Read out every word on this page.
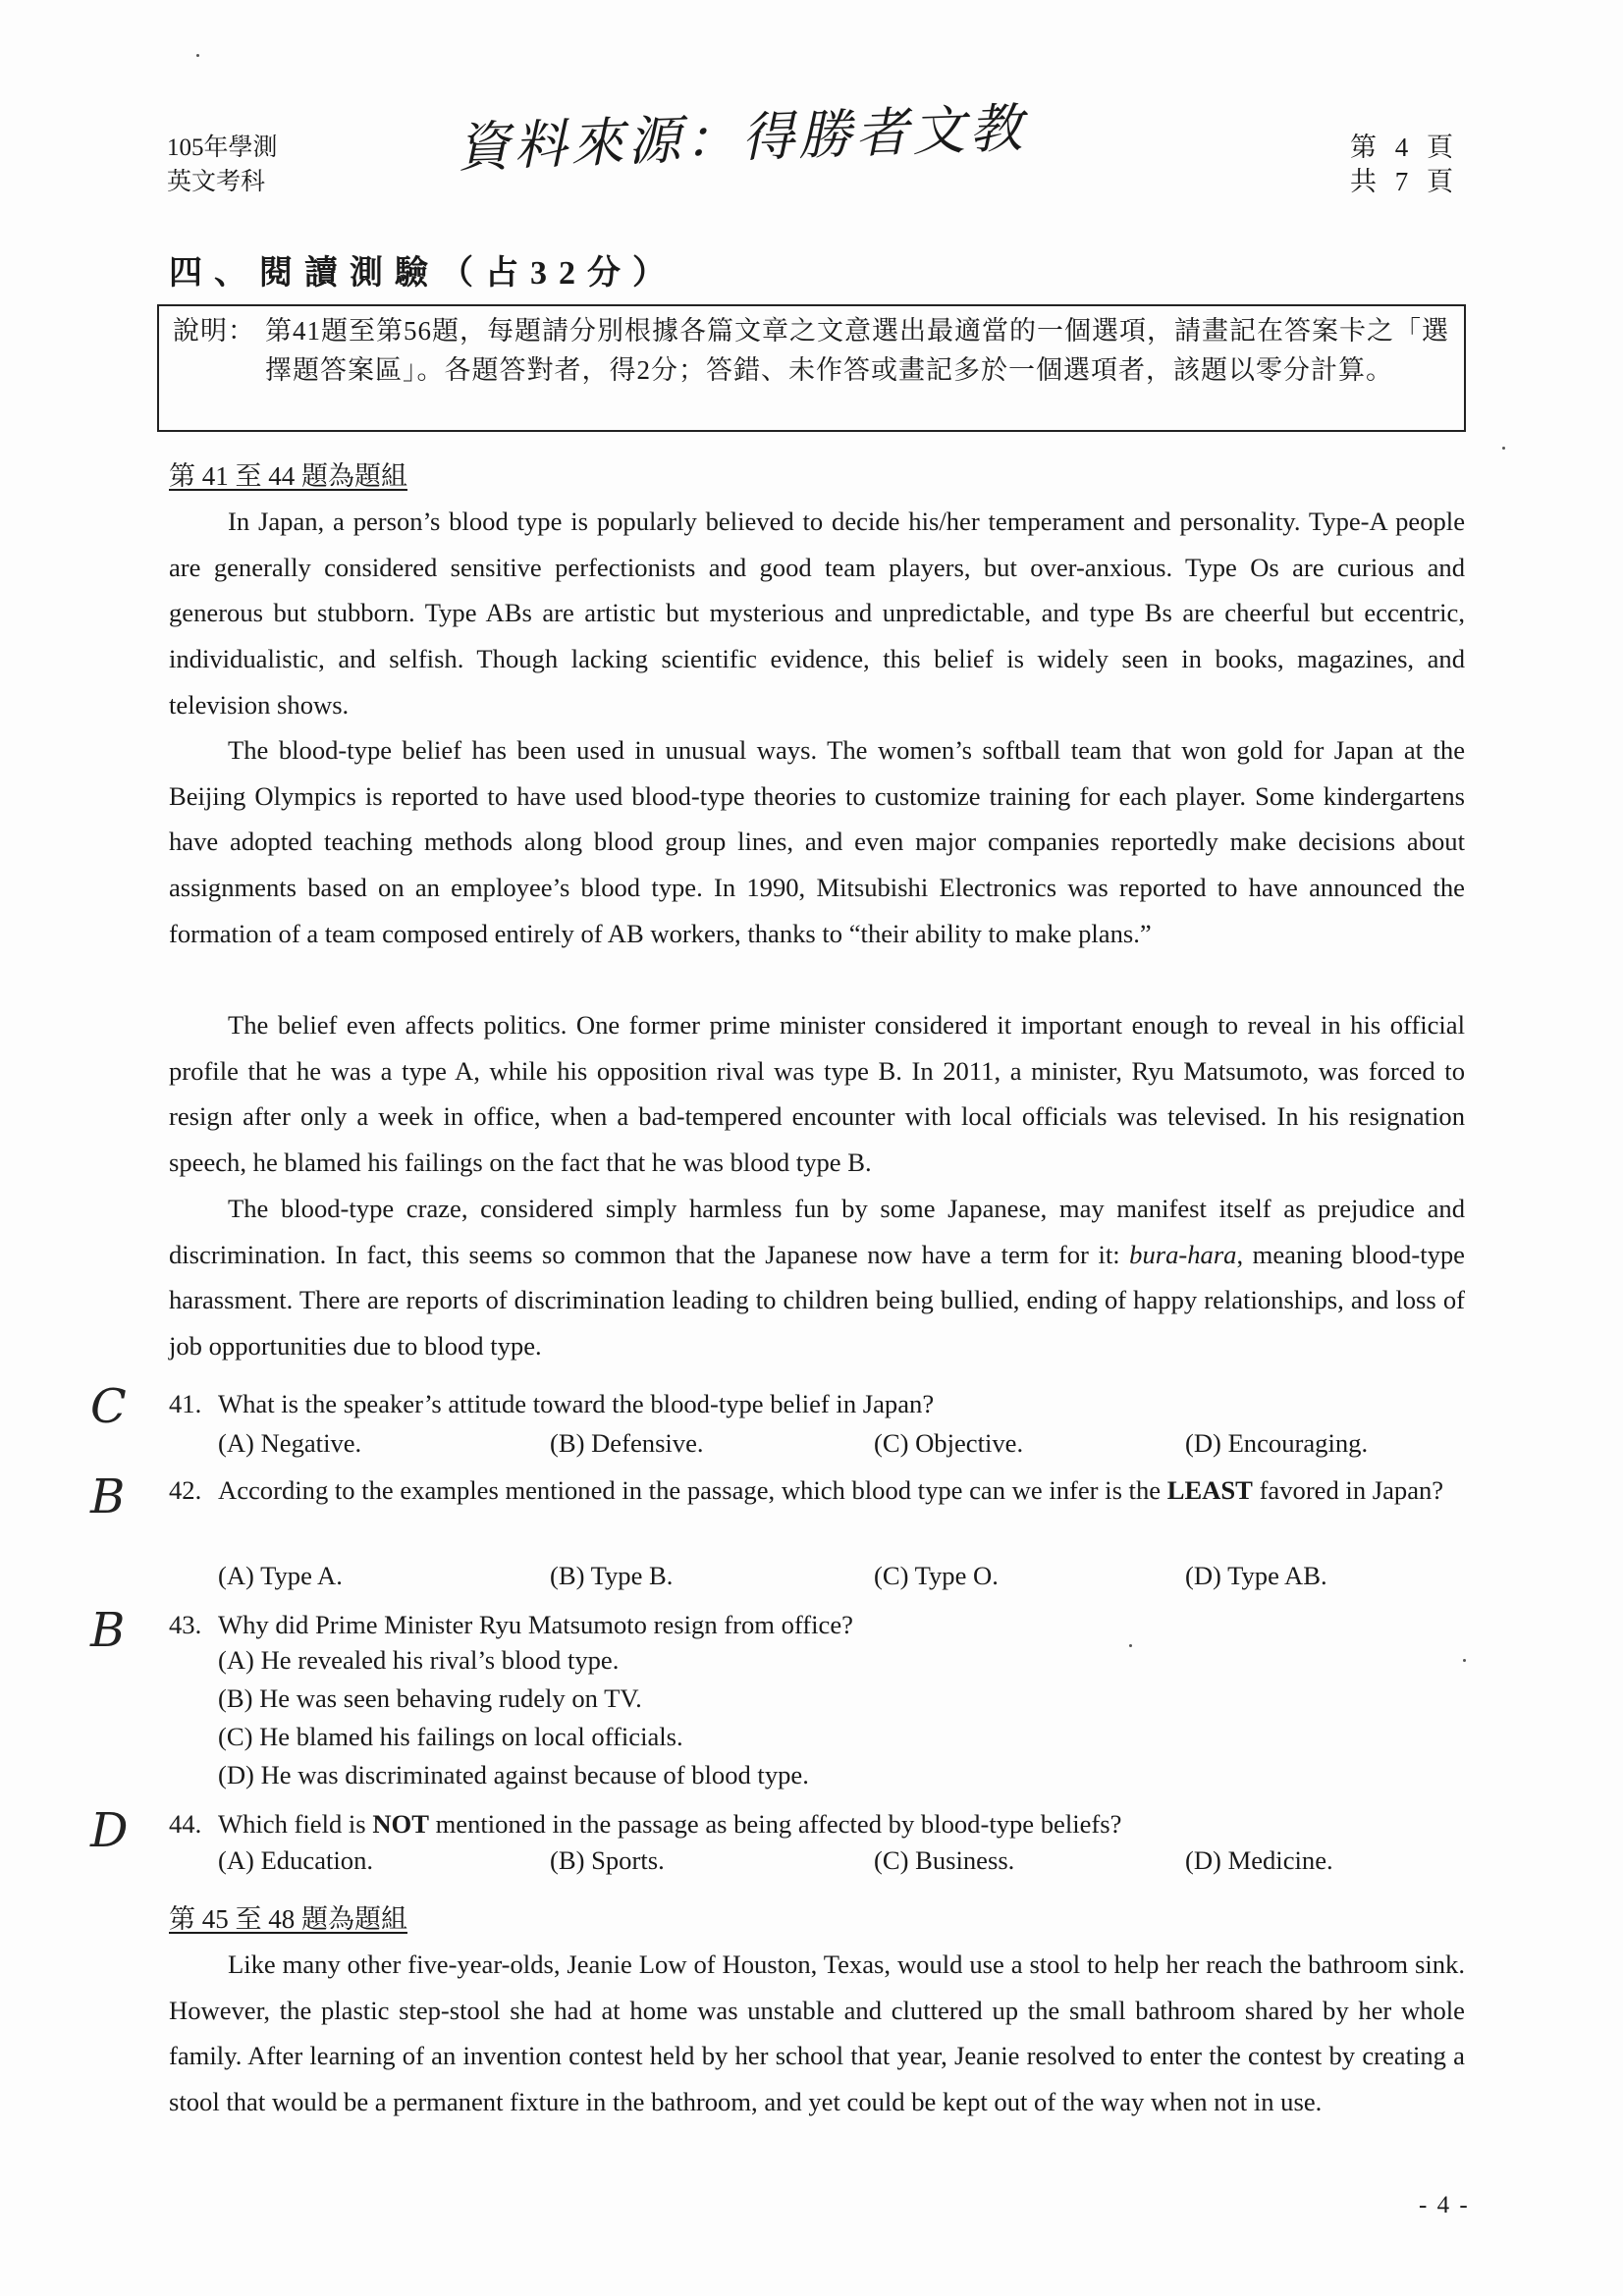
105年學測
英文考科
資料來源：得勝者文教	第 4 頁
共 7 頁
四、閱讀測驗（占32分）
說明： 第41題至第56題，每題請分別根據各篇文章之文意選出最適當的一個選項，請畫記在答案卡之「選擇題答案區」。各題答對者，得2分；答錯、未作答或畫記多於一個選項者，該題以零分計算。
第 41 至 44 題為題組
In Japan, a person’s blood type is popularly believed to decide his/her temperament and personality. Type-A people are generally considered sensitive perfectionists and good team players, but over-anxious. Type Os are curious and generous but stubborn. Type ABs are artistic but mysterious and unpredictable, and type Bs are cheerful but eccentric, individualistic, and selfish. Though lacking scientific evidence, this belief is widely seen in books, magazines, and television shows.
The blood-type belief has been used in unusual ways. The women’s softball team that won gold for Japan at the Beijing Olympics is reported to have used blood-type theories to customize training for each player. Some kindergartens have adopted teaching methods along blood group lines, and even major companies reportedly make decisions about assignments based on an employee’s blood type. In 1990, Mitsubishi Electronics was reported to have announced the formation of a team composed entirely of AB workers, thanks to “their ability to make plans.”
The belief even affects politics. One former prime minister considered it important enough to reveal in his official profile that he was a type A, while his opposition rival was type B. In 2011, a minister, Ryu Matsumoto, was forced to resign after only a week in office, when a bad-tempered encounter with local officials was televised. In his resignation speech, he blamed his failings on the fact that he was blood type B.
The blood-type craze, considered simply harmless fun by some Japanese, may manifest itself as prejudice and discrimination. In fact, this seems so common that the Japanese now have a term for it: bura-hara, meaning blood-type harassment. There are reports of discrimination leading to children being bullied, ending of happy relationships, and loss of job opportunities due to blood type.
C 41. What is the speaker’s attitude toward the blood-type belief in Japan?
(A) Negative.	(B) Defensive.	(C) Objective.	(D) Encouraging.
B 42. According to the examples mentioned in the passage, which blood type can we infer is the LEAST favored in Japan?
(A) Type A.	(B) Type B.	(C) Type O.	(D) Type AB.
B 43. Why did Prime Minister Ryu Matsumoto resign from office?
(A) He revealed his rival’s blood type.
(B) He was seen behaving rudely on TV.
(C) He blamed his failings on local officials.
(D) He was discriminated against because of blood type.
D 44. Which field is NOT mentioned in the passage as being affected by blood-type beliefs?
(A) Education.	(B) Sports.	(C) Business.	(D) Medicine.
第 45 至 48 題為題組
Like many other five-year-olds, Jeanie Low of Houston, Texas, would use a stool to help her reach the bathroom sink. However, the plastic step-stool she had at home was unstable and cluttered up the small bathroom shared by her whole family. After learning of an invention contest held by her school that year, Jeanie resolved to enter the contest by creating a stool that would be a permanent fixture in the bathroom, and yet could be kept out of the way when not in use.
- 4 -
